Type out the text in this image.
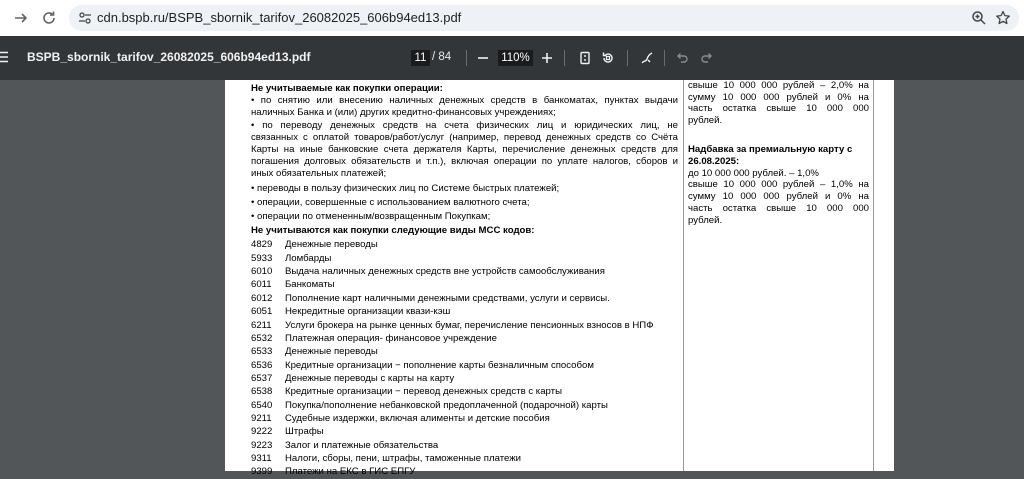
cdn.bspb.ru/BSPB_sbornik_tarifov_26082025_606b94ed13.pdf
BSPB_sbornik_tarifov_26082025_606b94ed13.pdf	11 / 84	110%
Не учитываемые как покупки операции:
• по снятию или внесению наличных денежных средств в банкоматах, пунктах выдачи
наличных Банка и (или) других кредитно-финансовых учреждениях;
• по переводу денежных средств на счета физических лиц и юридических лиц, не
связанных с оплатой товаров/работ/услуг (например, перевод денежных средств со Счёта
Карты на иные банковские счета держателя Карты, перечисление денежных средств для
погашения долговых обязательств и т.п.), включая операции по уплате налогов, сборов и
иных обязательных платежей;
• переводы в пользу физических лиц по Системе быстрых платежей;
• операции, совершенные с использованием валютного счета;
• операции по отмененным/возвращенным Покупкам;
Не учитываются как покупки следующие виды МСС кодов:
4829	Денежные переводы
5933	Ломбарды
6010	Выдача наличных денежных средств вне устройств самообслуживания
6011	Банкоматы
6012	Пополнение карт наличными денежными средствами, услуги и сервисы.
6051	Некредитные организации квази-кэш
6211	Услуги брокера на рынке ценных бумаг, перечисление пенсионных взносов в НПФ
6532	Платежная операция- финансовое учреждение
6533	Денежные переводы
6536	Кредитные организации − пополнение карты безналичным способом
6537	Денежные переводы с карты на карту
6538	Кредитные организации − перевод денежных средств с карты
6540	Покупка/пополнение небанковской предоплаченной (подарочной) карты
9211	Судебные издержки, включая алименты и детские пособия
9222	Штрафы
9223	Залог и платежные обязательства
9311	Налоги, сборы, пени, штрафы, таможенные платежи
9399	Платежи на ЕКС в ГИС ЕПГУ
свыше 10 000 000 рублей – 2,0% на
сумму 10 000 000 рублей и 0% на
часть остатка свыше 10 000 000
рублей.
Надбавка за премиальную карту с
26.08.2025:
до 10 000 000 рублей. – 1,0%
свыше 10 000 000 рублей – 1,0% на
сумму 10 000 000 рублей и 0% на
часть остатка свыше 10 000 000
рублей.
